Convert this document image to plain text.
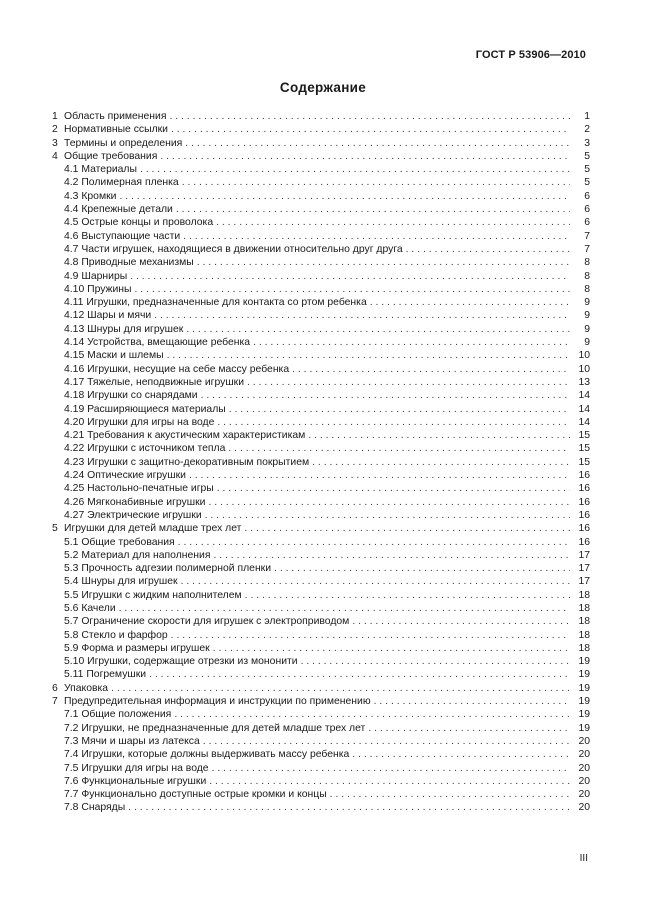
ГОСТ Р 53906—2010
Содержание
1 Область применения . . .	1
2 Нормативные ссылки . . .	2
3 Термины и определения . . .	3
4 Общие требования . . .	5
4.1 Материалы . . .	5
4.2 Полимерная пленка . . .	5
4.3 Кромки . . .	6
4.4 Крепежные детали . . .	6
4.5 Острые концы и проволока . . .	6
4.6 Выступающие части . . .	7
4.7 Части игрушек, находящиеся в движении относительно друг друга . . .	7
4.8 Приводные механизмы . . .	8
4.9 Шарниры . . .	8
4.10 Пружины . . .	8
4.11 Игрушки, предназначенные для контакта со ртом ребенка . . .	9
4.12 Шары и мячи . . .	9
4.13 Шнуры для игрушек . . .	9
4.14 Устройства, вмещающие ребенка . . .	9
4.15 Маски и шлемы . . .	10
4.16 Игрушки, несущие на себе массу ребенка . . .	10
4.17 Тяжелые, неподвижные игрушки . . .	13
4.18 Игрушки со снарядами . . .	14
4.19 Расширяющиеся материалы . . .	14
4.20 Игрушки для игры на воде . . .	14
4.21 Требования к акустическим характеристикам . . .	15
4.22 Игрушки с источником тепла . . .	15
4.23 Игрушки с защитно-декоративным покрытием . . .	15
4.24 Оптические игрушки . . .	16
4.25 Настольно-печатные игры . . .	16
4.26 Мягконабивные игрушки . . .	16
4.27 Электрические игрушки . . .	16
5 Игрушки для детей младше трех лет . . .	16
5.1 Общие требования . . .	16
5.2 Материал для наполнения . . .	17
5.3 Прочность адгезии полимерной пленки . . .	17
5.4 Шнуры для игрушек . . .	17
5.5 Игрушки с жидким наполнителем . . .	18
5.6 Качели . . .	18
5.7 Ограничение скорости для игрушек с электроприводом . . .	18
5.8 Стекло и фарфор . . .	18
5.9 Форма и размеры игрушек . . .	18
5.10 Игрушки, содержащие отрезки из мононити . . .	19
5.11 Погремушки . . .	19
6 Упаковка . . .	19
7 Предупредительная информация и инструкции по применению . . .	19
7.1 Общие положения . . .	19
7.2 Игрушки, не предназначенные для детей младше трех лет . . .	19
7.3 Мячи и шары из латекса . . .	20
7.4 Игрушки, которые должны выдерживать массу ребенка . . .	20
7.5 Игрушки для игры на воде . . .	20
7.6 Функциональные игрушки . . .	20
7.7 Функционально доступные острые кромки и концы . . .	20
7.8 Снаряды . . .	20
III
